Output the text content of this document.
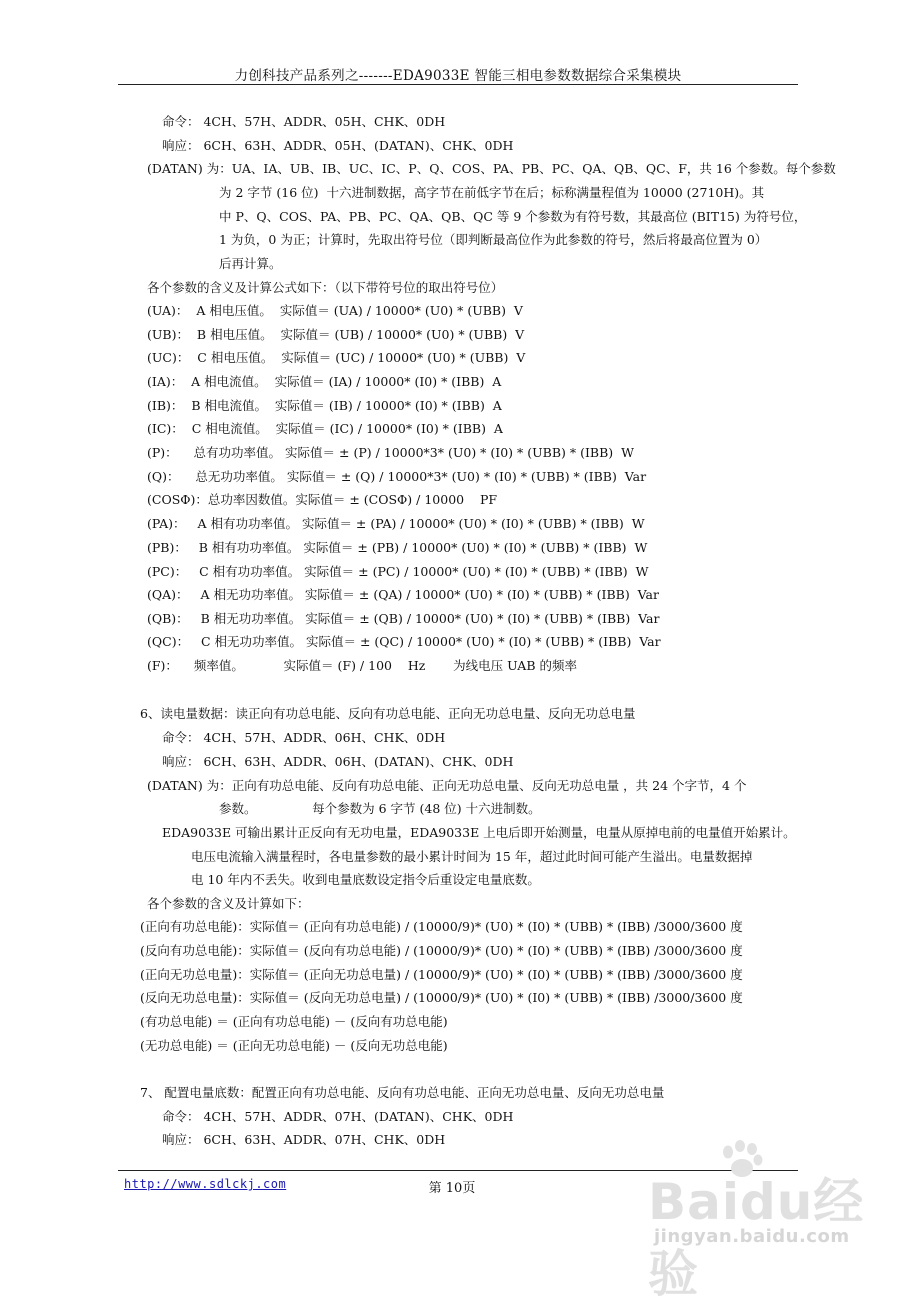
力创科技产品系列之-------EDA9033E 智能三相电参数数据综合采集模块
命令： 4CH、57H、ADDR、05H、CHK、0DH
响应： 6CH、63H、ADDR、05H、(DATAN)、CHK、0DH
(DATAN) 为：UA、IA、UB、IB、UC、IC、P、Q、COS、PA、PB、PC、QA、QB、QC、F，共 16 个参数。每个参数
为 2 字节 (16 位)  十六进制数据，高字节在前低字节在后；标称满量程值为 10000 (2710H)。其
中 P、Q、COS、PA、PB、PC、QA、QB、QC 等 9 个参数为有符号数，其最高位 (BIT15) 为符号位，
1 为负，0 为正；计算时，先取出符号位（即判断最高位作为此参数的符号，然后将最高位置为 0）
后再计算。
各个参数的含义及计算公式如下：（以下带符号位的取出符号位）
(UA)：  A 相电压值。  实际值＝ (UA) / 10000* (U0) * (UBB)  V
(UB)：  B 相电压值。  实际值＝ (UB) / 10000* (U0) * (UBB)  V
(UC)：  C 相电压值。  实际值＝ (UC) / 10000* (U0) * (UBB)  V
(IA)：  A 相电流值。  实际值＝ (IA) / 10000* (I0) * (IBB)  A
(IB)：  B 相电流值。  实际值＝ (IB) / 10000* (I0) * (IBB)  A
(IC)：  C 相电流值。  实际值＝ (IC) / 10000* (I0) * (IBB)  A
(P)：    总有功功率值。 实际值＝ ± (P) / 10000*3* (U0) * (I0) * (UBB) * (IBB)  W
(Q)：    总无功功率值。 实际值＝ ± (Q) / 10000*3* (U0) * (I0) * (UBB) * (IBB)  Var
(COSΦ)：总功率因数值。实际值＝ ± (COSΦ) / 10000    PF
(PA)：   A 相有功功率值。 实际值＝ ± (PA) / 10000* (U0) * (I0) * (UBB) * (IBB)  W
(PB)：   B 相有功功率值。 实际值＝ ± (PB) / 10000* (U0) * (I0) * (UBB) * (IBB)  W
(PC)：   C 相有功功率值。 实际值＝ ± (PC) / 10000* (U0) * (I0) * (UBB) * (IBB)  W
(QA)：   A 相无功功率值。 实际值＝ ± (QA) / 10000* (U0) * (I0) * (UBB) * (IBB)  Var
(QB)：   B 相无功功率值。 实际值＝ ± (QB) / 10000* (U0) * (I0) * (UBB) * (IBB)  Var
(QC)：   C 相无功功率值。 实际值＝ ± (QC) / 10000* (U0) * (I0) * (UBB) * (IBB)  Var
(F)：    频率值。          实际值＝ (F) / 100    Hz       为线电压 UAB 的频率
6、读电量数据：读正向有功总电能、反向有功总电能、正向无功总电量、反向无功总电量
命令： 4CH、57H、ADDR、06H、CHK、0DH
响应： 6CH、63H、ADDR、06H、(DATAN)、CHK、0DH
(DATAN) 为：正向有功总电能、反向有功总电能、正向无功总电量、反向无功总电量 ，共 24 个字节，4 个
参数。              每个参数为 6 字节 (48 位) 十六进制数。
EDA9033E 可输出累计正反向有无功电量，EDA9033E 上电后即开始测量，电量从原掉电前的电量值开始累计。
电压电流输入满量程时，各电量参数的最小累计时间为 15 年，超过此时间可能产生溢出。电量数据掉
电 10 年内不丢失。收到电量底数设定指令后重设定电量底数。
各个参数的含义及计算如下：
(正向有功总电能)：实际值＝ (正向有功总电能) / (10000/9)* (U0) * (I0) * (UBB) * (IBB) /3000/3600 度
(反向有功总电能)：实际值＝ (反向有功总电能) / (10000/9)* (U0) * (I0) * (UBB) * (IBB) /3000/3600 度
(正向无功总电量)：实际值＝ (正向无功总电量) / (10000/9)* (U0) * (I0) * (UBB) * (IBB) /3000/3600 度
(反向无功总电量)：实际值＝ (反向无功总电量) / (10000/9)* (U0) * (I0) * (UBB) * (IBB) /3000/3600 度
(有功总电能) ＝ (正向有功总电能) － (反向有功总电能)
(无功总电能) ＝ (正向无功总电能) － (反向无功总电能)
7、 配置电量底数：配置正向有功总电能、反向有功总电能、正向无功总电量、反向无功总电量
命令： 4CH、57H、ADDR、07H、(DATAN)、CHK、0DH
响应： 6CH、63H、ADDR、07H、CHK、0DH
http://www.sdlckj.com	第 10页	Baidu经验
jingyan.baidu.com
